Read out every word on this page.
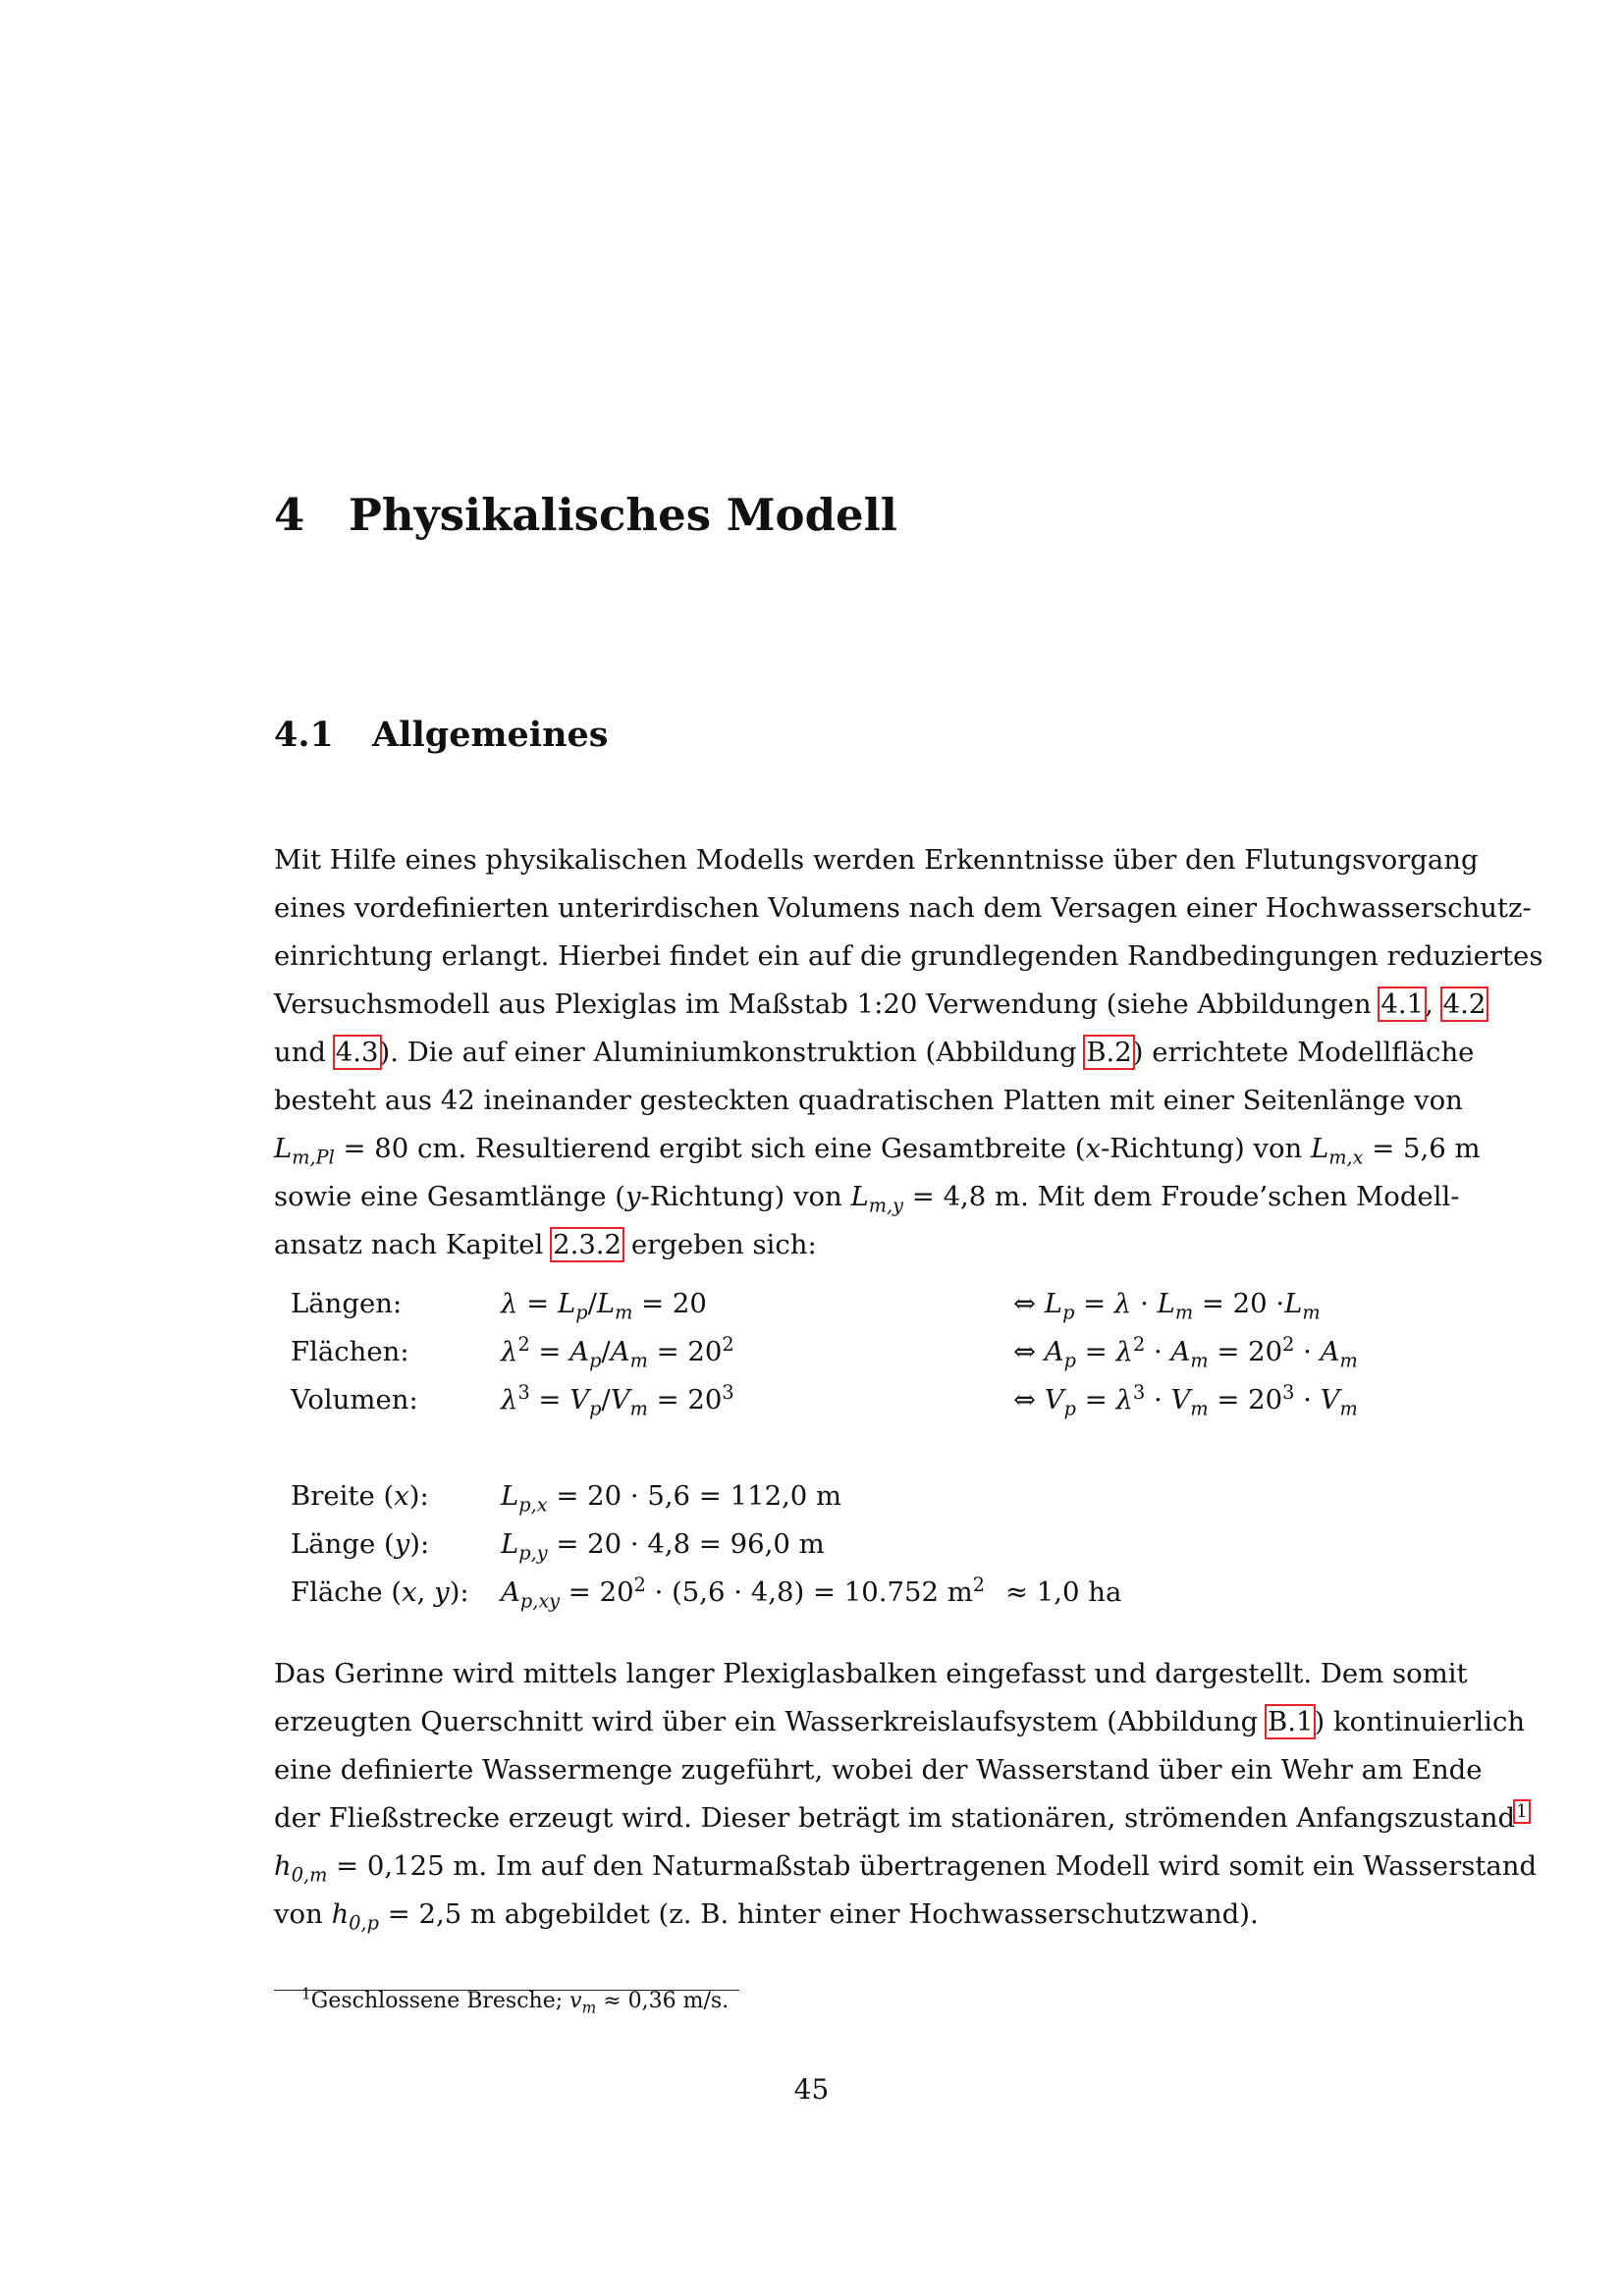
4 Physikalisches Modell
4.1 Allgemeines
Mit Hilfe eines physikalischen Modells werden Erkenntnisse über den Flutungsvorgang
eines vordefinierten unterirdischen Volumens nach dem Versagen einer Hochwasserschutz-
einrichtung erlangt. Hierbei findet ein auf die grundlegenden Randbedingungen reduziertes
Versuchsmodell aus Plexiglas im Maßstab 1:20 Verwendung (siehe Abbildungen 4.1, 4.2
und 4.3). Die auf einer Aluminiumkonstruktion (Abbildung B.2) errichtete Modellfläche
besteht aus 42 ineinander gesteckten quadratischen Platten mit einer Seitenlänge von
$L_{m,Pl} = 80$ cm. Resultierend ergibt sich eine Gesamtbreite (x-Richtung) von $L_{m,x} = 5,6$ m
sowie eine Gesamtlänge (y-Richtung) von $L_{m,y} = 4,8$ m. Mit dem Froude’schen Modell-
ansatz nach Kapitel 2.3.2 ergeben sich:
Längen:	$\lambda = L_p/L_m = 20$	⇔ $L_p = \lambda \cdot L_m = 20 \cdot L_m$
Flächen:	$\lambda^2 = A_p/A_m = 20^2$	⇔ $A_p = \lambda^2 \cdot A_m = 20^2 \cdot A_m$
Volumen:	$\lambda^3 = V_p/V_m = 20^3$	⇔ $V_p = \lambda^3 \cdot V_m = 20^3 \cdot V_m$
Breite (x):	$L_{p,x} = 20 \cdot 5,6 = 112,0$ m
Länge (y):	$L_{p,y} = 20 \cdot 4,8 = 96,0$ m
Fläche (x, y): $A_{p,xy} = 20^2 \cdot (5,6 \cdot 4,8) = 10.752$ $m^2 \approx 1,0$ ha
Das Gerinne wird mittels langer Plexiglasbalken eingefasst und dargestellt. Dem somit
erzeugten Querschnitt wird über ein Wasserkreislaufsystem (Abbildung B.1) kontinuierlich
eine definierte Wassermenge zugeführt, wobei der Wasserstand über ein Wehr am Ende
der Fließstrecke erzeugt wird. Dieser beträgt im stationären, strömenden Anfangszustand$^1$
$h_{0,m} = 0,125$ m. Im auf den Naturmaßstab übertragenen Modell wird somit ein Wasserstand
von $h_{0,p} = 2,5$ m abgebildet (z. B. hinter einer Hochwasserschutzwand).
$^1$Geschlossene Bresche; $v_m \approx 0,36$ m/s.
45
